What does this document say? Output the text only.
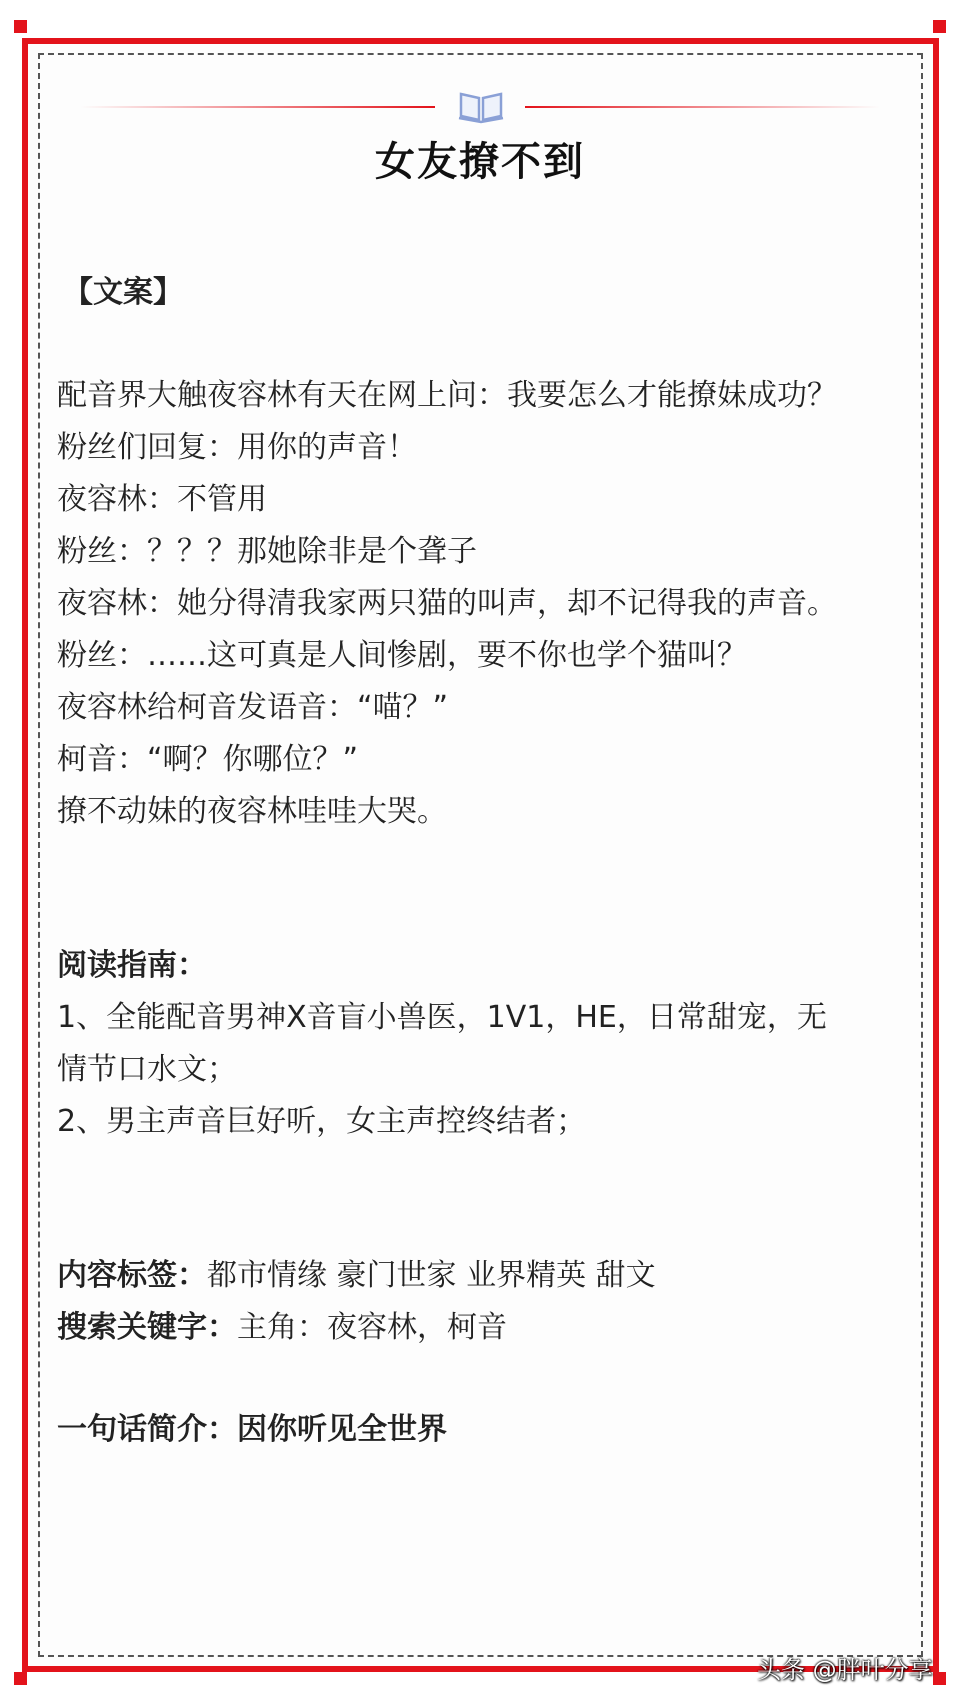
女友撩不到
【文案】
配音界大触夜容林有天在网上问：我要怎么才能撩妹成功？
粉丝们回复：用你的声音！
夜容林：不管用
粉丝：？？？那她除非是个聋子
夜容林：她分得清我家两只猫的叫声，却不记得我的声音。
粉丝：……这可真是人间惨剧，要不你也学个猫叫？
夜容林给柯音发语音：“喵？”
柯音：“啊？你哪位？”
撩不动妹的夜容林哇哇大哭。
阅读指南：
1、全能配音男神X音盲小兽医，1V1，HE，日常甜宠，无
情节口水文；
2、男主声音巨好听，女主声控终结者；
内容标签：都市情缘 豪门世家 业界精英 甜文
搜索关键字：主角：夜容林，柯音
一句话简介：因你听见全世界
头条 @胖叶分享
